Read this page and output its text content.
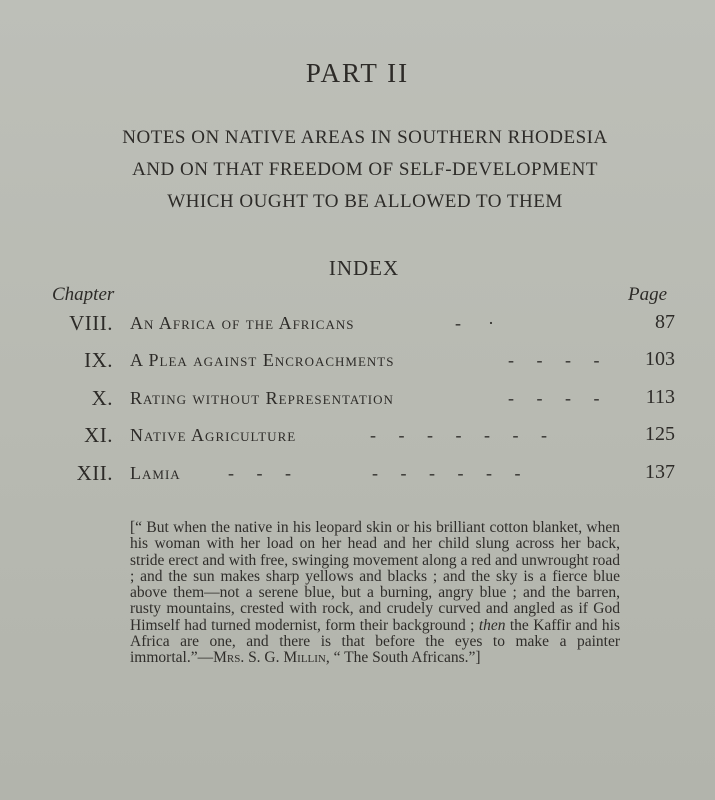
PART II
NOTES ON NATIVE AREAS IN SOUTHERN RHODESIA
AND ON THAT FREEDOM OF SELF-DEVELOPMENT
WHICH OUGHT TO BE ALLOWED TO THEM
INDEX
Chapter	Page
VIII. An Africa of the Africans	-      ·	87
IX. A Plea against Encroachments	-     -     -     - 103
X. Rating without Representation	-     -     -     - 113
XI. Native Agriculture	-     -     -     -     -     -     -	125
XII. Lamia	-     -     -                  -     -     -     -     -     -	137
[“ But when the native in his leopard skin or his brilliant cotton blanket, when his woman with her load on her head and her child slung across her back, stride erect and with free, swinging movement along a red and unwrought road ; and the sun makes sharp yellows and blacks ; and the sky is a fierce blue above them—not a serene blue, but a burning, angry blue ; and the barren, rusty mountains, crested with rock, and crudely curved and angled as if God Himself had turned modernist, form their background ; then the Kaffir and his Africa are one, and there is that before the eyes to make a painter immortal.”—Mrs. S. G. Millin, “ The South Africans.”]
